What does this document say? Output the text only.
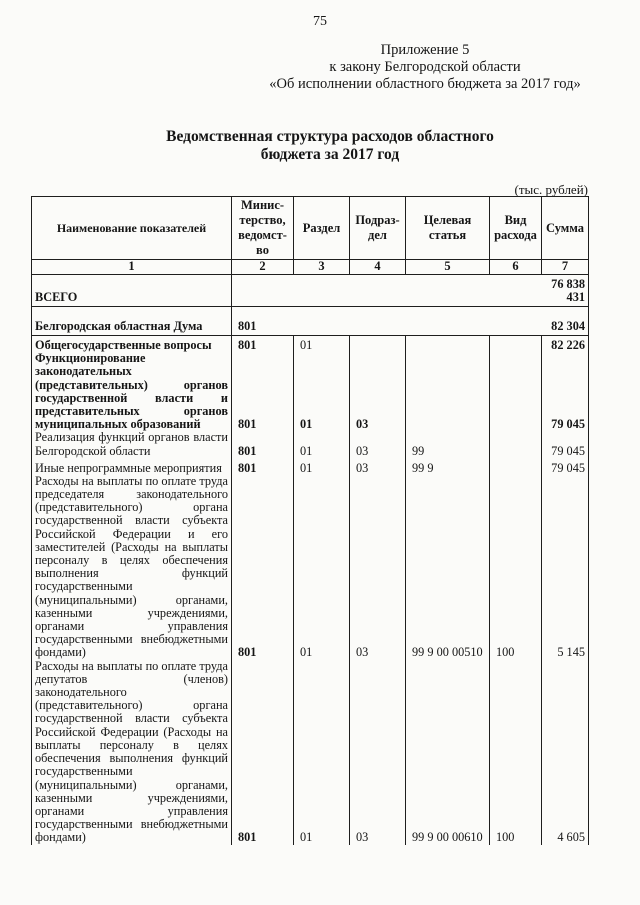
75
Приложение 5
к закону Белгородской области
«Об исполнении областного бюджета за 2017 год»
Ведомственная структура расходов областного
бюджета за 2017 год
(тыс. рублей)
Наименование показателей	Минис-терство, ведомст-во	Раздел	Подраз-дел	Целевая статья	Вид расхода	Сумма
1	2	3	4	5	6	7
ВСЕГО						76 838 431
Белгородская областная Дума	801					82 304
Общегосударственные вопросы	801	01				82 226
Функционирование законодательных (представительных) органов государственной власти и представительных органов муниципальных образований	801	01	03			79 045
Реализация функций органов власти Белгородской области	801	01	03	99		79 045
Иные непрограммные мероприятия	801	01	03	99 9		79 045
Расходы на выплаты по оплате труда председателя законодательного (представительного) органа государственной власти субъекта Российской Федерации и его заместителей (Расходы на выплаты персоналу в целях обеспечения выполнения функций государственными (муниципальными) органами, казенными учреждениями, органами управления государственными внебюджетными фондами)	801	01	03	99 9 00 00510	100	5 145
Расходы на выплаты по оплате труда депутатов (членов) законодательного (представительного) органа государственной власти субъекта Российской Федерации (Расходы на выплаты персоналу в целях обеспечения выполнения функций государственными (муниципальными) органами, казенными учреждениями, органами управления государственными внебюджетными фондами)	801	01	03	99 9 00 00610	100	4 605
